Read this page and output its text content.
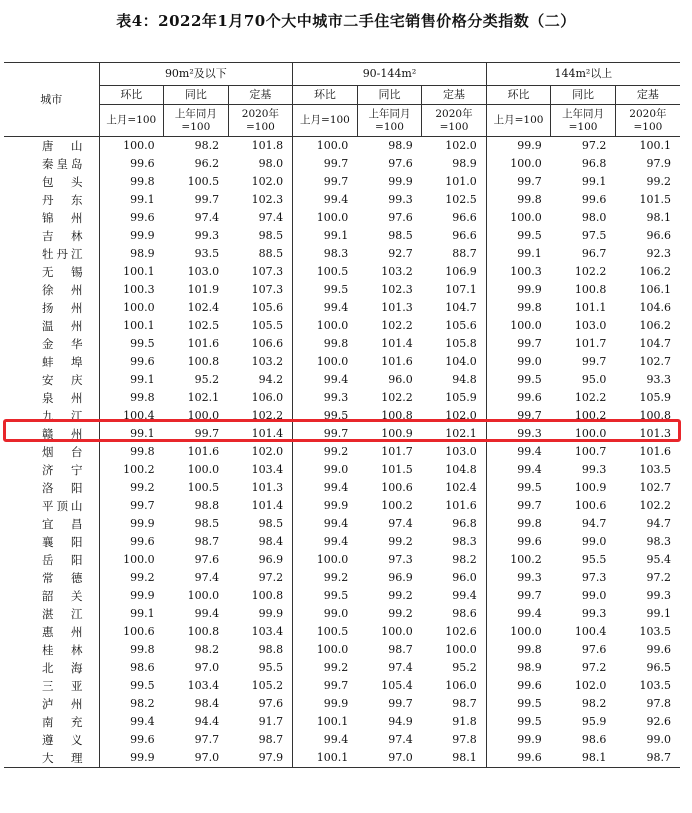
表4：2022年1月70个大中城市二手住宅销售价格分类指数（二）
城市	90m²及以下			90-144m²			144m²以上		
	环比	同比	定基	环比	同比	定基	环比	同比	定基
	上月=100	上年同月=100	2020年=100	上月=100	上年同月=100	2020年=100	上月=100	上年同月=100	2020年=100
唐山	100.0	98.2	101.8	100.0	98.9	102.0	99.9	97.2	100.1
秦皇岛	99.6	96.2	98.0	99.7	97.6	98.9	100.0	96.8	97.9
包头	99.8	100.5	102.0	99.7	99.9	101.0	99.7	99.1	99.2
丹东	99.1	99.7	102.3	99.4	99.3	102.5	99.8	99.6	101.5
锦州	99.6	97.4	97.4	100.0	97.6	96.6	100.0	98.0	98.1
吉林	99.9	99.3	98.5	99.1	98.5	96.6	99.5	97.5	96.6
牡丹江	98.9	93.5	88.5	98.3	92.7	88.7	99.1	96.7	92.3
无锡	100.1	103.0	107.3	100.5	103.2	106.9	100.3	102.2	106.2
徐州	100.3	101.9	107.3	99.5	102.3	107.1	99.9	100.8	106.1
扬州	100.0	102.4	105.6	99.4	101.3	104.7	99.8	101.1	104.6
温州	100.1	102.5	105.5	100.0	102.2	105.6	100.0	103.0	106.2
金华	99.5	101.6	106.6	99.8	101.4	105.8	99.7	101.7	104.7
蚌埠	99.6	100.8	103.2	100.0	101.6	104.0	99.0	99.7	102.7
安庆	99.1	95.2	94.2	99.4	96.0	94.8	99.5	95.0	93.3
泉州	99.8	102.1	106.0	99.3	102.2	105.9	99.6	102.2	105.9
九江	100.4	100.0	102.2	99.5	100.8	102.0	99.7	100.2	100.8
赣州	99.1	99.7	101.4	99.7	100.9	102.1	99.3	100.0	101.3
烟台	99.8	101.6	102.0	99.2	101.7	103.0	99.4	100.7	101.6
济宁	100.2	100.0	103.4	99.0	101.5	104.8	99.4	99.3	103.5
洛阳	99.2	100.5	101.3	99.4	100.6	102.4	99.5	100.9	102.7
平顶山	99.7	98.8	101.4	99.9	100.2	101.6	99.7	100.6	102.2
宜昌	99.9	98.5	98.5	99.4	97.4	96.8	99.8	94.7	94.7
襄阳	99.6	98.7	98.4	99.4	99.2	98.3	99.6	99.0	98.3
岳阳	100.0	97.6	96.9	100.0	97.3	98.2	100.2	95.5	95.4
常德	99.2	97.4	97.2	99.2	96.9	96.0	99.3	97.3	97.2
韶关	99.9	100.0	100.8	99.5	99.2	99.4	99.7	99.0	99.3
湛江	99.1	99.4	99.9	99.0	99.2	98.6	99.4	99.3	99.1
惠州	100.6	100.8	103.4	100.5	100.0	102.6	100.0	100.4	103.5
桂林	99.8	98.2	98.8	100.0	98.7	100.0	99.8	97.6	99.6
北海	98.6	97.0	95.5	99.2	97.4	95.2	98.9	97.2	96.5
三亚	99.5	103.4	105.2	99.7	105.4	106.0	99.6	102.0	103.5
泸州	98.2	98.4	97.6	99.9	99.7	98.7	99.5	98.2	97.8
南充	99.4	94.4	91.7	100.1	94.9	91.8	99.5	95.9	92.6
遵义	99.6	97.7	98.7	99.4	97.4	97.8	99.9	98.6	99.0
大理	99.9	97.0	97.9	100.1	97.0	98.1	99.6	98.1	98.7
